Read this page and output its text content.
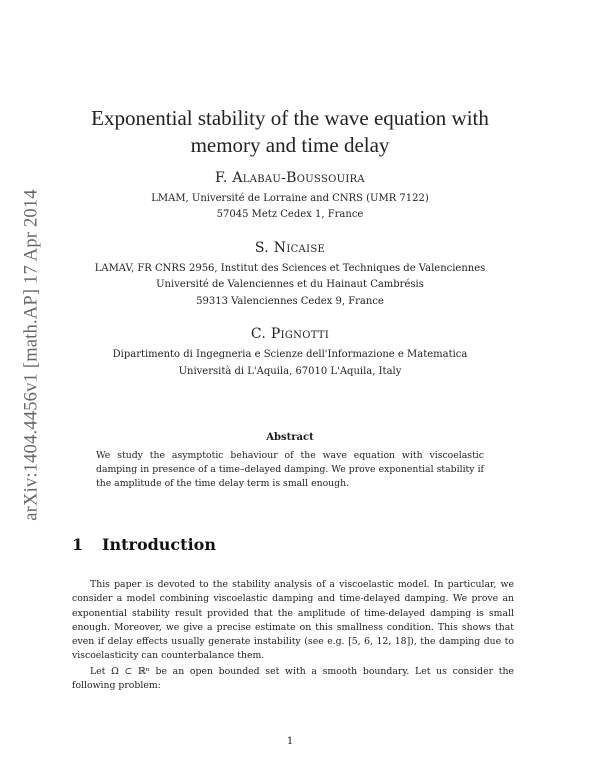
arXiv:1404.4456v1 [math.AP] 17 Apr 2014
Exponential stability of the wave equation with
memory and time delay
F. Alabau-Boussouira
LMAM, Université de Lorraine and CNRS (UMR 7122)
57045 Metz Cedex 1, France
S. Nicaise
LAMAV, FR CNRS 2956, Institut des Sciences et Techniques de Valenciennes
Université de Valenciennes et du Hainaut Cambrésis
59313 Valenciennes Cedex 9, France
C. Pignotti
Dipartimento di Ingegneria e Scienze dell'Informazione e Matematica
Università di L'Aquila, 67010 L'Aquila, Italy
Abstract
We study the asymptotic behaviour of the wave equation with viscoelastic damping in presence of a time–delayed damping. We prove exponential stability if the amplitude of the time delay term is small enough.
1 Introduction

This paper is devoted to the stability analysis of a viscoelastic model. In particular, we consider a model combining viscoelastic damping and time-delayed damping. We prove an exponential stability result provided that the amplitude of time-delayed damping is small enough. Moreover, we give a precise estimate on this smallness condition. This shows that even if delay effects usually generate instability (see e.g. [5, 6, 12, 18]), the damping due to viscoelasticity can counterbalance them.

Let Ω ⊂ ℝⁿ be an open bounded set with a smooth boundary. Let us consider the following problem:

1
